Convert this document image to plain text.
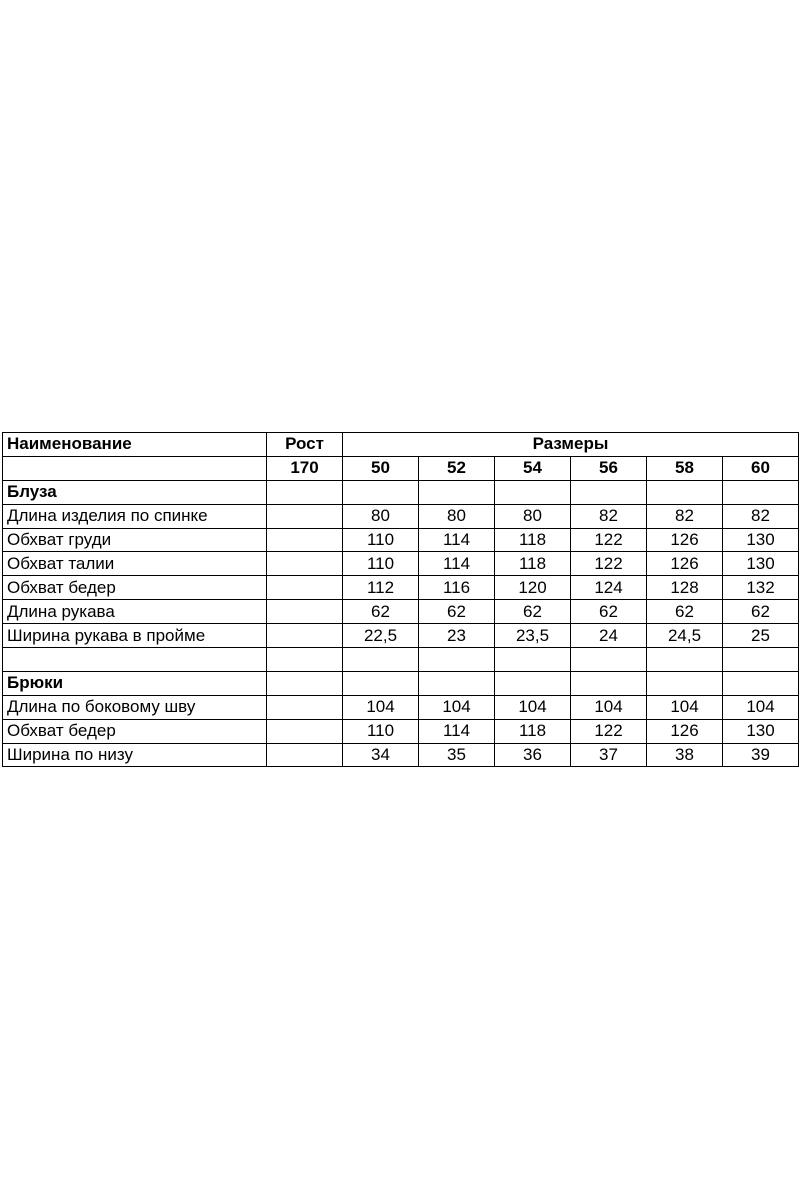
Наименование	Рост	Размеры					
	170	50	52	54	56	58	60
Блуза							
Длина изделия по спинке		80	80	80	82	82	82
Обхват груди		110	114	118	122	126	130
Обхват талии		110	114	118	122	126	130
Обхват бедер		112	116	120	124	128	132
Длина рукава		62	62	62	62	62	62
Ширина рукава в пройме		22,5	23	23,5	24	24,5	25

Брюки							
Длина по боковому шву		104	104	104	104	104	104
Обхват бедер		110	114	118	122	126	130
Ширина по низу		34	35	36	37	38	39
